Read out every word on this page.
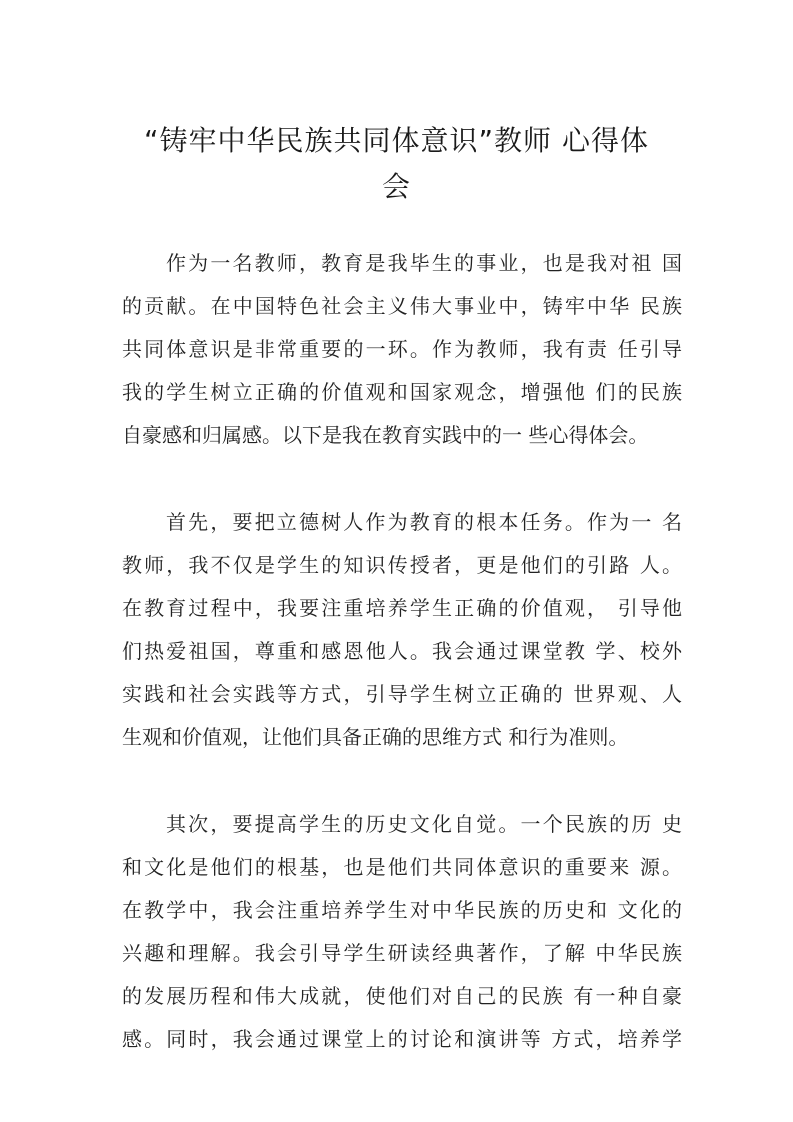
“铸牢中华民族共同体意识”教师 心得体
会
作为一名教师，教育是我毕生的事业，也是我对祖 国
的贡献。在中国特色社会主义伟大事业中，铸牢中华 民族
共同体意识是非常重要的一环。作为教师，我有责 任引导
我的学生树立正确的价值观和国家观念，增强他 们的民族
自豪感和归属感。以下是我在教育实践中的一 些心得体会。
首先，要把立德树人作为教育的根本任务。作为一 名
教师，我不仅是学生的知识传授者，更是他们的引路 人。
在教育过程中，我要注重培养学生正确的价值观， 引导他
们热爱祖国，尊重和感恩他人。我会通过课堂教 学、校外
实践和社会实践等方式，引导学生树立正确的 世界观、人
生观和价值观，让他们具备正确的思维方式 和行为准则。
其次，要提高学生的历史文化自觉。一个民族的历 史
和文化是他们的根基，也是他们共同体意识的重要来 源。
在教学中，我会注重培养学生对中华民族的历史和 文化的
兴趣和理解。我会引导学生研读经典著作，了解 中华民族
的发展历程和伟大成就，使他们对自己的民族 有一种自豪
感。同时，我会通过课堂上的讨论和演讲等 方式，培养学
